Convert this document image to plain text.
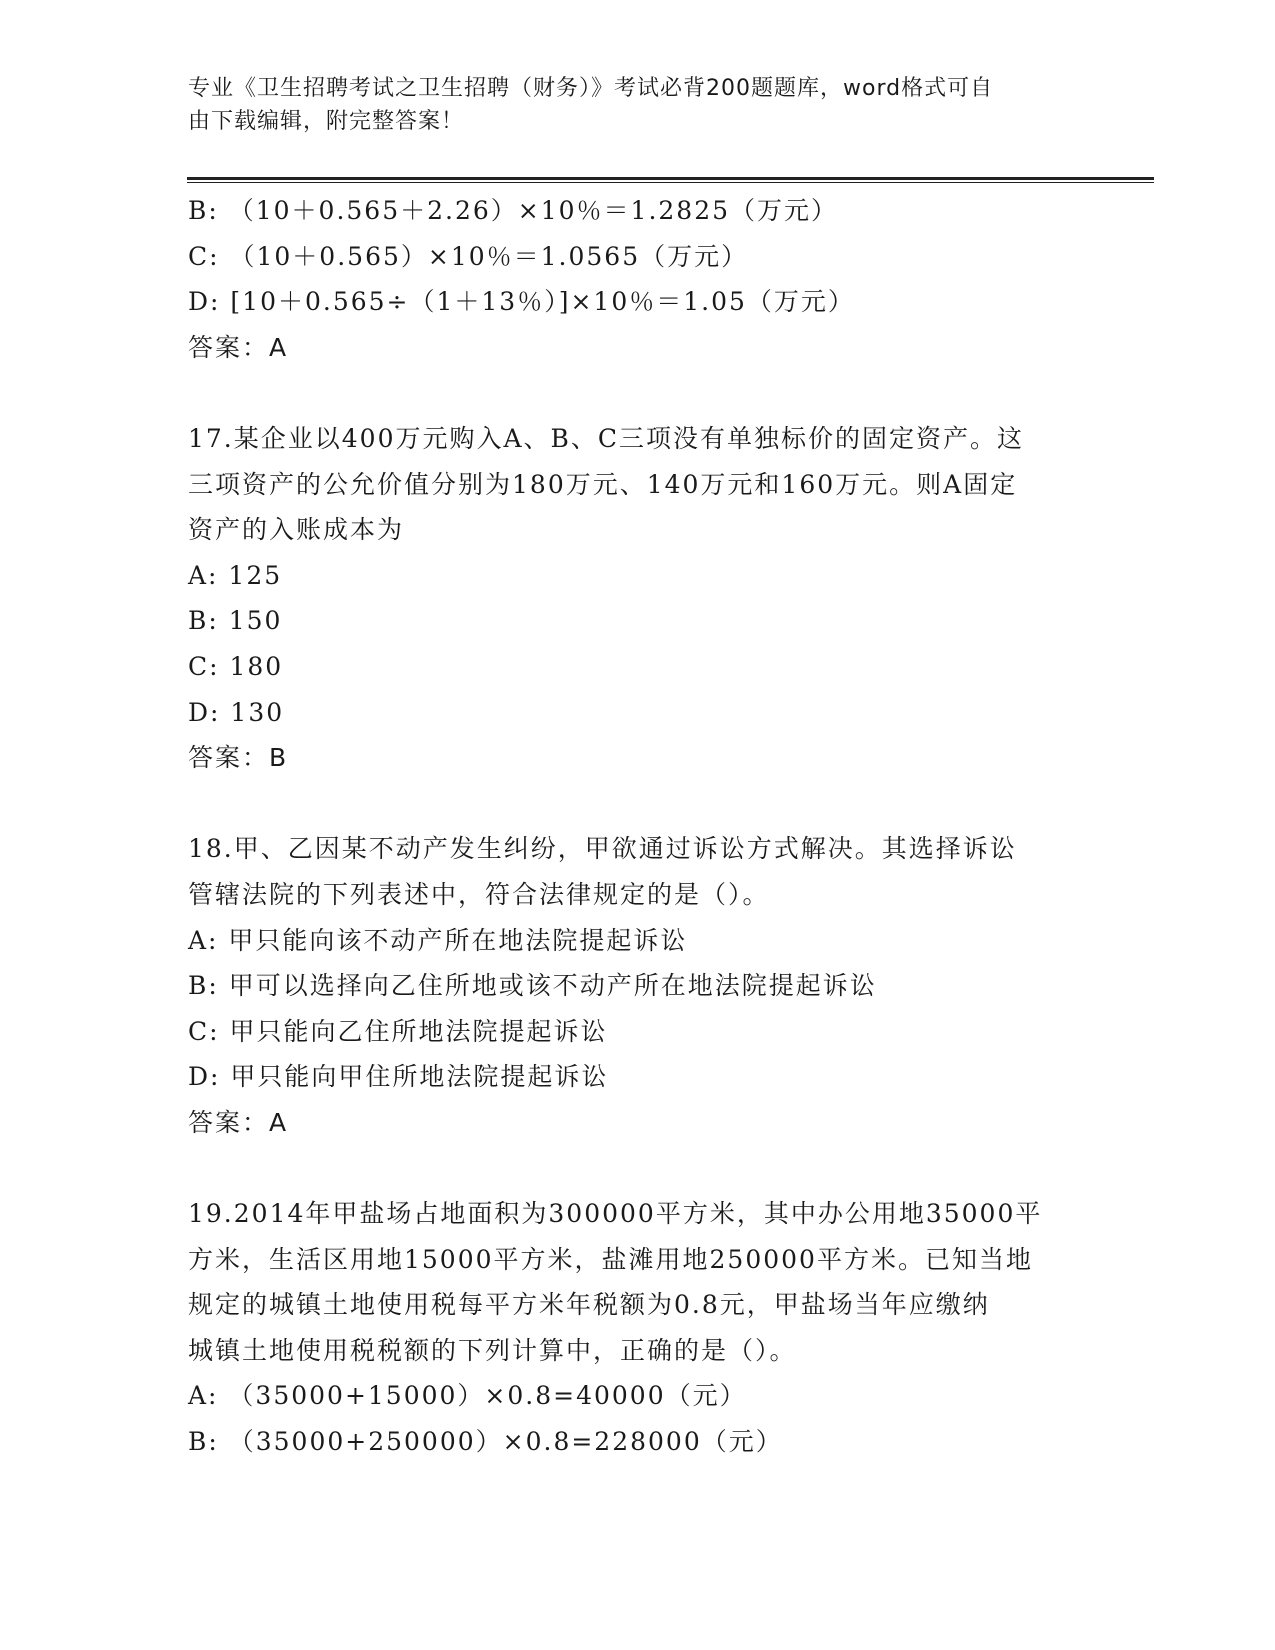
专业《卫生招聘考试之卫生招聘（财务）》考试必背200题题库，word格式可自
由下载编辑，附完整答案！
B: （10＋0.565＋2.26）×10％＝1.2825（万元）
C: （10＋0.565）×10％＝1.0565（万元）
D: [10＋0.565÷（1＋13％）]×10％＝1.05（万元）
答案：A
17.某企业以400万元购入A、B、C三项没有单独标价的固定资产。这
三项资产的公允价值分别为180万元、140万元和160万元。则A固定
资产的入账成本为
A: 125
B: 150
C: 180
D: 130
答案：B
18.甲、乙因某不动产发生纠纷，甲欲通过诉讼方式解决。其选择诉讼
管辖法院的下列表述中，符合法律规定的是（）。
A: 甲只能向该不动产所在地法院提起诉讼
B: 甲可以选择向乙住所地或该不动产所在地法院提起诉讼
C: 甲只能向乙住所地法院提起诉讼
D: 甲只能向甲住所地法院提起诉讼
答案：A
19.2014年甲盐场占地面积为300000平方米，其中办公用地35000平
方米，生活区用地15000平方米，盐滩用地250000平方米。已知当地
规定的城镇土地使用税每平方米年税额为0.8元，甲盐场当年应缴纳
城镇土地使用税税额的下列计算中，正确的是（）。
A: （35000+15000）×0.8=40000（元）
B: （35000+250000）×0.8=228000（元）
